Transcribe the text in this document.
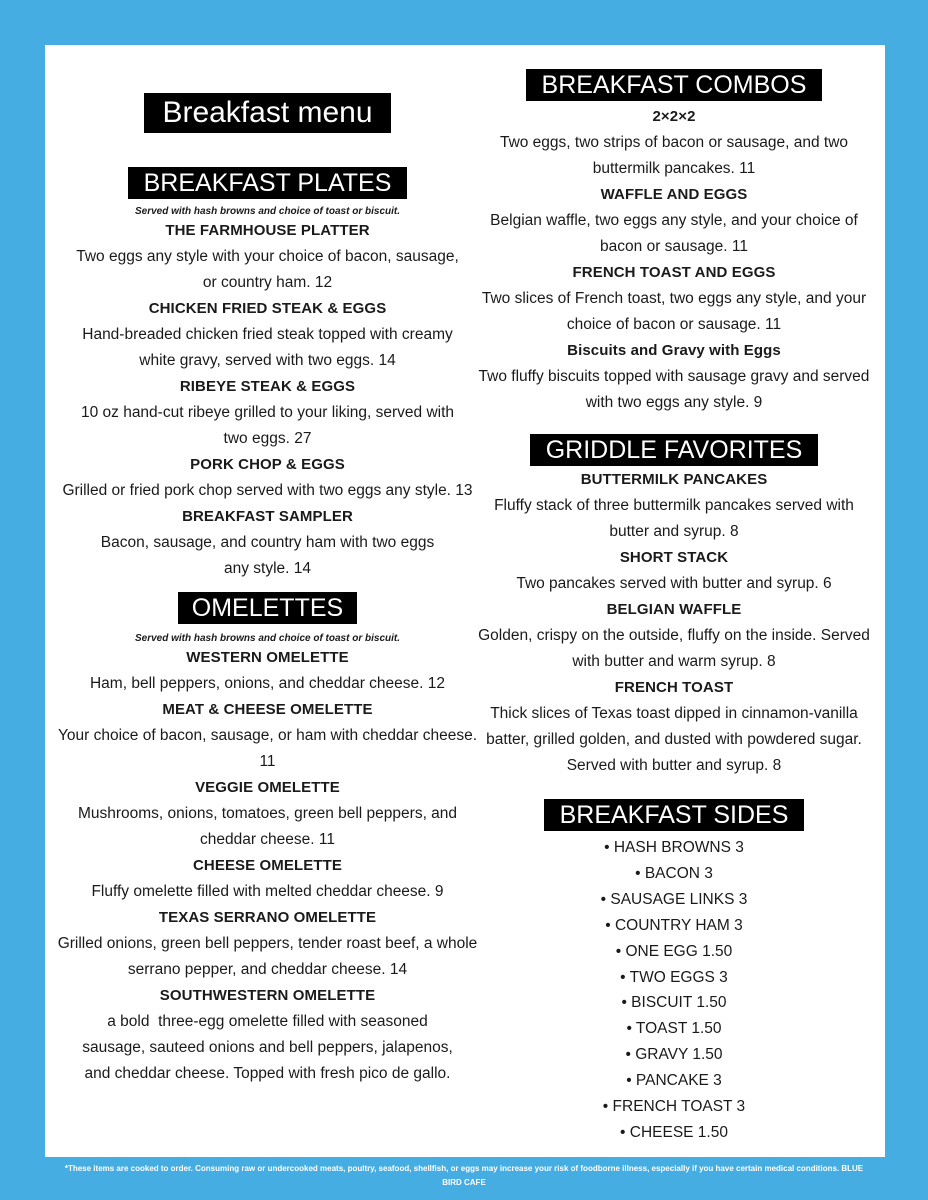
Breakfast menu
BREAKFAST PLATES
Served with hash browns and choice of toast or biscuit.
THE FARMHOUSE PLATTER
Two eggs any style with your choice of bacon, sausage, or country ham. 12
CHICKEN FRIED STEAK & EGGS
Hand-breaded chicken fried steak topped with creamy white gravy, served with two eggs. 14
RIBEYE STEAK & EGGS
10 oz hand-cut ribeye grilled to your liking, served with two eggs. 27
PORK CHOP & EGGS
Grilled or fried pork chop served with two eggs any style. 13
BREAKFAST SAMPLER
Bacon, sausage, and country ham with two eggs any style. 14
OMELETTES
Served with hash browns and choice of toast or biscuit.
WESTERN OMELETTE
Ham, bell peppers, onions, and cheddar cheese. 12
MEAT & CHEESE OMELETTE
Your choice of bacon, sausage, or ham with cheddar cheese. 11
VEGGIE OMELETTE
Mushrooms, onions, tomatoes, green bell peppers, and cheddar cheese. 11
CHEESE OMELETTE
Fluffy omelette filled with melted cheddar cheese. 9
TEXAS SERRANO OMELETTE
Grilled onions, green bell peppers, tender roast beef, a whole serrano pepper, and cheddar cheese. 14
SOUTHWESTERN OMELETTE
a bold  three-egg omelette filled with seasoned sausage, sauteed onions and bell peppers, jalapenos, and cheddar cheese. Topped with fresh pico de gallo.
BREAKFAST COMBOS
2×2×2
Two eggs, two strips of bacon or sausage, and two buttermilk pancakes. 11
WAFFLE AND EGGS
Belgian waffle, two eggs any style, and your choice of bacon or sausage. 11
FRENCH TOAST AND EGGS
Two slices of French toast, two eggs any style, and your choice of bacon or sausage. 11
Biscuits and Gravy with Eggs
Two fluffy biscuits topped with sausage gravy and served with two eggs any style. 9
GRIDDLE FAVORITES
BUTTERMILK PANCAKES
Fluffy stack of three buttermilk pancakes served with butter and syrup. 8
SHORT STACK
Two pancakes served with butter and syrup. 6
BELGIAN WAFFLE
Golden, crispy on the outside, fluffy on the inside. Served with butter and warm syrup. 8
FRENCH TOAST
Thick slices of Texas toast dipped in cinnamon-vanilla batter, grilled golden, and dusted with powdered sugar. Served with butter and syrup. 8
BREAKFAST SIDES
• HASH BROWNS 3
• BACON 3
• SAUSAGE LINKS 3
• COUNTRY HAM 3
• ONE EGG 1.50
• TWO EGGS 3
• BISCUIT 1.50
• TOAST 1.50
• GRAVY 1.50
• PANCAKE 3
• FRENCH TOAST 3
• CHEESE 1.50
*These items are cooked to order. Consuming raw or undercooked meats, poultry, seafood, shellfish, or eggs may increase your risk of foodborne illness, especially if you have certain medical conditions. BLUE BIRD CAFE
